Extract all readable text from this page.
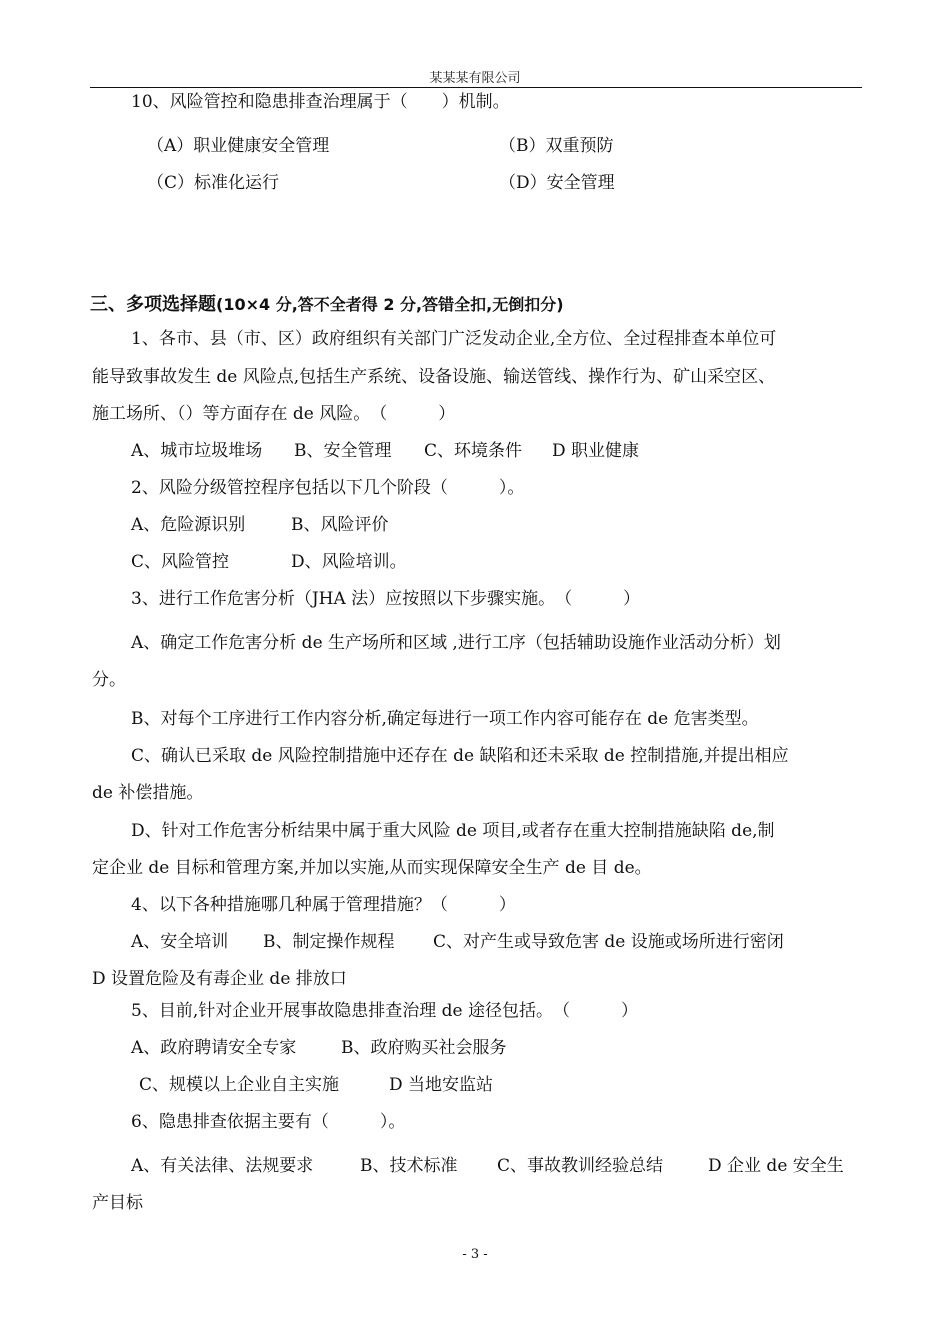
某某某有限公司
10、风险管控和隐患排查治理属于（　　）机制。
（A）职业健康安全管理	（B）双重预防
（C）标准化运行	（D）安全管理
三、多项选择题(10×4 分,答不全者得 2 分,答错全扣,无倒扣分)
1、各市、县（市、区）政府组织有关部门广泛发动企业,全方位、全过程排查本单位可
能导致事故发生 de 风险点,包括生产系统、设备设施、输送管线、操作行为、矿山采空区、
施工场所、（）等方面存在 de 风险。　（　　　）
A、城市垃圾堆场 B、安全管理 C、环境条件 D 职业健康
2、风险分级管控程序包括以下几个阶段（　　　）。
A、危险源识别	B、风险评价
C、风险管控	D、风险培训。
3、进行工作危害分析（JHA 法）应按照以下步骤实施。　（　　　）
A、确定工作危害分析 de 生产场所和区域 ,进行工序（包括辅助设施作业活动分析）划
分。
B、对每个工序进行工作内容分析,确定每进行一项工作内容可能存在 de 危害类型。
C、确认已采取 de 风险控制措施中还存在 de 缺陷和还未采取 de 控制措施,并提出相应
de 补偿措施。
D、针对工作危害分析结果中属于重大风险 de 项目,或者存在重大控制措施缺陷 de,制
定企业 de 目标和管理方案,并加以实施,从而实现保障安全生产 de 目 de。
4、以下各种措施哪几种属于管理措施？（　　　）
A、安全培训 B、制定操作规程 C、对产生或导致危害 de 设施或场所进行密闭
D 设置危险及有毒企业 de 排放口
5、目前,针对企业开展事故隐患排查治理 de 途径包括。　（　　　）
A、政府聘请安全专家	B、政府购买社会服务
C、规模以上企业自主实施	D 当地安监站
6、隐患排查依据主要有（　　　）。
A、有关法律、法规要求	B、技术标准 C、事故教训经验总结	D 企业 de 安全生
产目标
- 3 -
